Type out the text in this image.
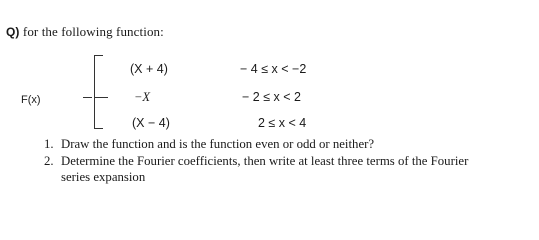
Q) for the following function:
F(x)
(X + 4)
−X
(X − 4)
− 4 ≤ x < −2
− 2 ≤ x < 2
2 ≤ x < 4
1. Draw the function and is the function even or odd or neither?
2. Determine the Fourier coefficients, then write at least three terms of the Fourier
series expansion
